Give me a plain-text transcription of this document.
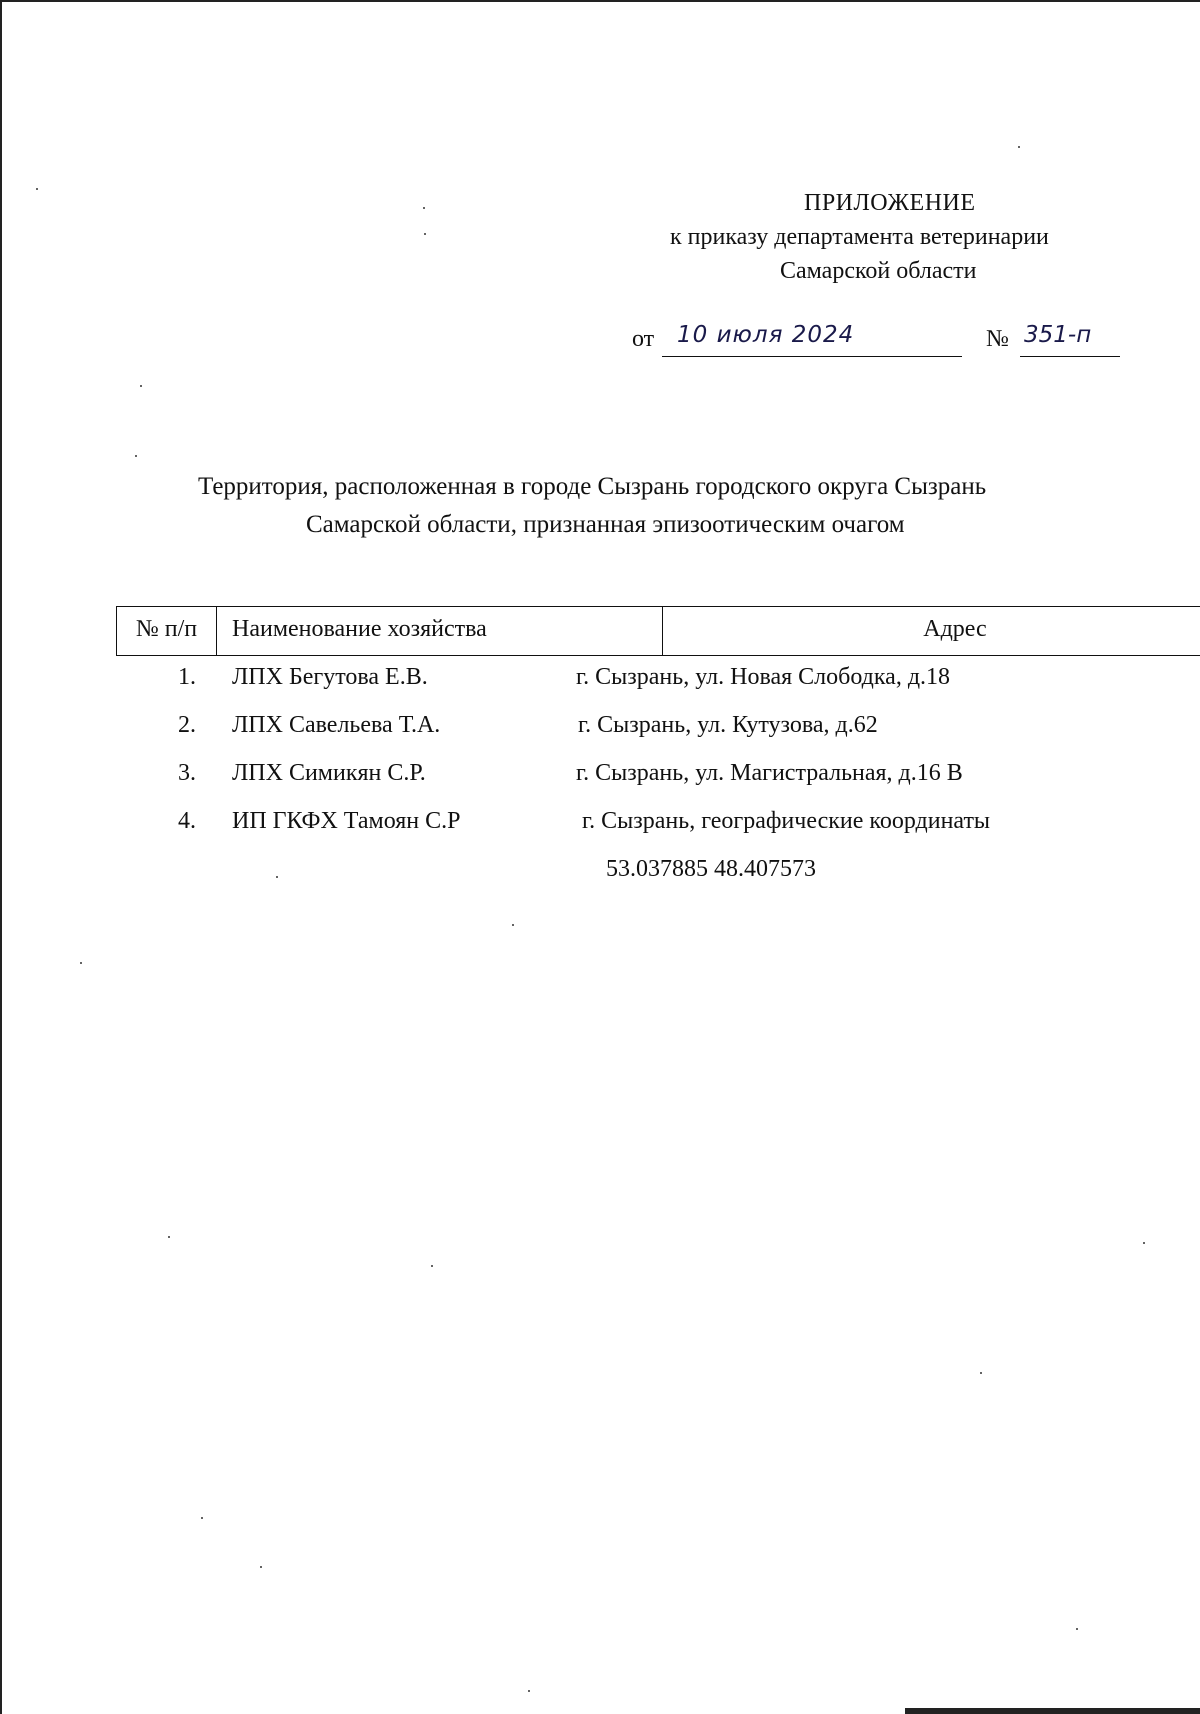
ПРИЛОЖЕНИЕ
к приказу департамента ветеринарии
Самарской области
от 10 июля 2024	№ 351-п
Территория, расположенная в городе Сызрань городского округа Сызрань
Самарской области, признанная эпизоотическим очагом
№ п/п	Наименование хозяйства	Адрес
1. ЛПХ Бегутова Е.В.	г. Сызрань, ул. Новая Слободка, д.18
2. ЛПХ Савельева Т.А.	г. Сызрань, ул. Кутузова, д.62
3. ЛПХ Симикян С.Р.	г. Сызрань, ул. Магистральная, д.16 В
4. ИП ГКФХ Тамоян С.Р	г. Сызрань, географические координаты
53.037885 48.407573
